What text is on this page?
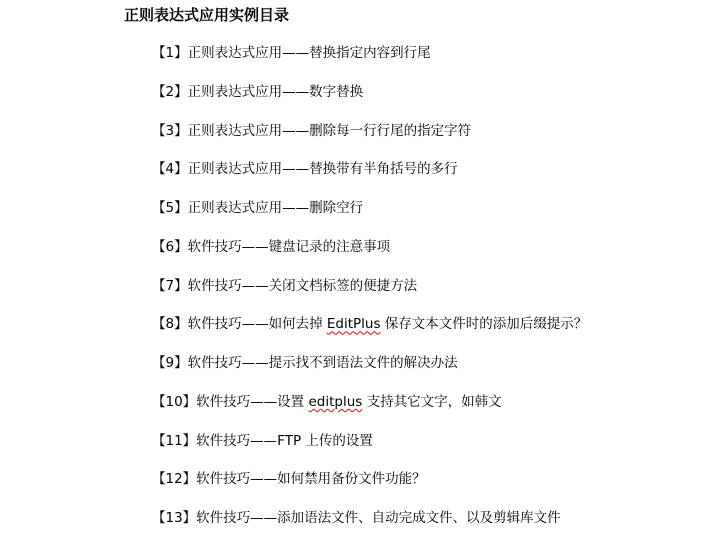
正则表达式应用实例目录
【1】正则表达式应用——替换指定内容到行尾
【2】正则表达式应用——数字替换
【3】正则表达式应用——删除每一行行尾的指定字符
【4】正则表达式应用——替换带有半角括号的多行
【5】正则表达式应用——删除空行
【6】软件技巧——键盘记录的注意事项
【7】软件技巧——关闭文档标签的便捷方法
【8】软件技巧——如何去掉 EditPlus 保存文本文件时的添加后缀提示？
【9】软件技巧——提示找不到语法文件的解决办法
【10】软件技巧——设置 editplus 支持其它文字，如韩文
【11】软件技巧——FTP 上传的设置
【12】软件技巧——如何禁用备份文件功能？
【13】软件技巧——添加语法文件、自动完成文件、以及剪辑库文件
